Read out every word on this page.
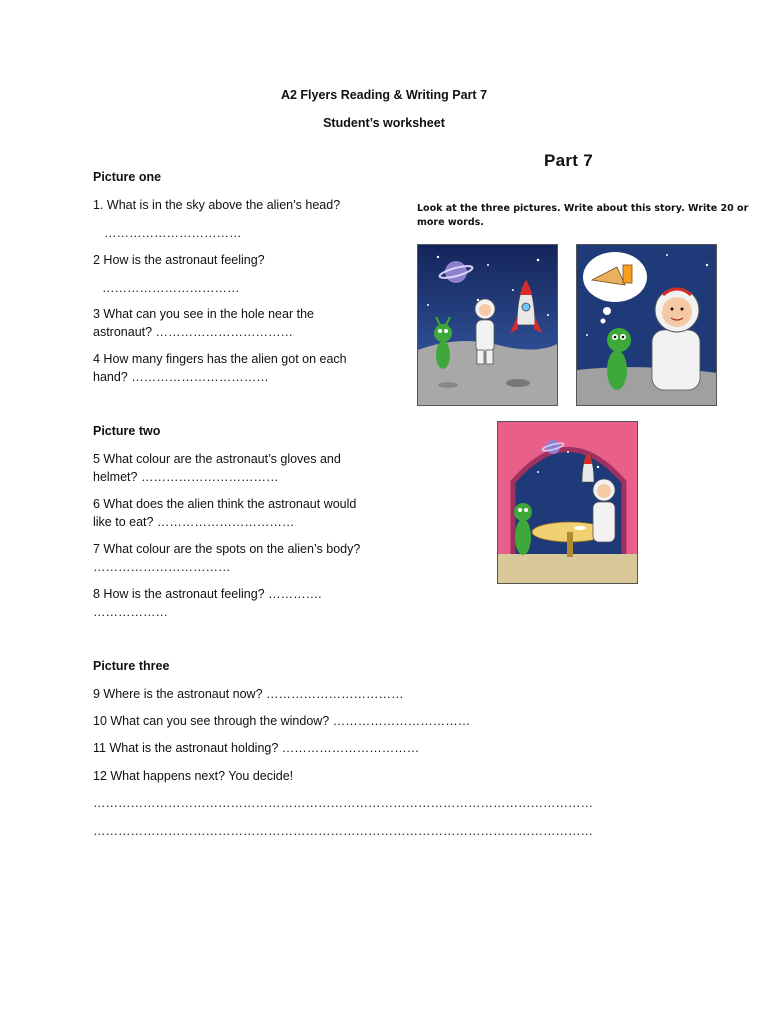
A2 Flyers Reading & Writing Part 7
Student’s worksheet
Picture one
1. What is in the sky above the alien’s head?
……………………………
2 How is the astronaut feeling?
……………………………
3 What can you see in the hole near the
astronaut? ……………………………
4 How many fingers has the alien got on each
hand? ……………………………
Picture two
5 What colour are the astronaut’s gloves and
helmet? ……………………………
6 What does the alien think the astronaut would
like to eat? ……………………………
7 What colour are the spots on the alien’s body?
……………………………
8 How is the astronaut feeling? ………….
………………
Picture three
9 Where is the astronaut now? ……………………………
10 What can you see through the window? ……………………………
11 What is the astronaut holding? ……………………………
12 What happens next? You decide!
…………………………………………………………………………………………………………
…………………………………………………………………………………………………………
Part 7
Look at the three pictures. Write about this story. Write 20 or
more words.
